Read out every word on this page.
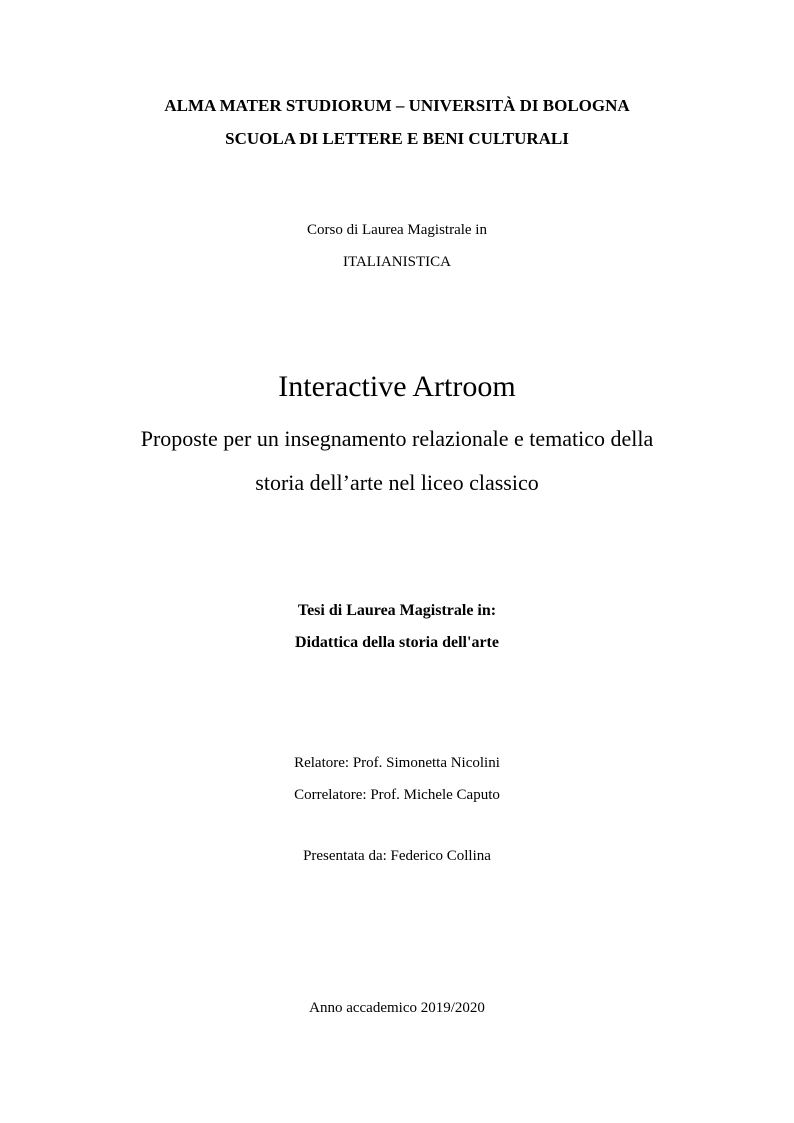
ALMA MATER STUDIORUM – UNIVERSITÀ DI BOLOGNA
SCUOLA DI LETTERE E BENI CULTURALI
Corso di Laurea Magistrale in
ITALIANISTICA
Interactive Artroom
Proposte per un insegnamento relazionale e tematico della
storia dell’arte nel liceo classico
Tesi di Laurea Magistrale in:
Didattica della storia dell'arte
Relatore: Prof. Simonetta Nicolini
Correlatore: Prof. Michele Caputo
Presentata da: Federico Collina
Anno accademico 2019/2020
